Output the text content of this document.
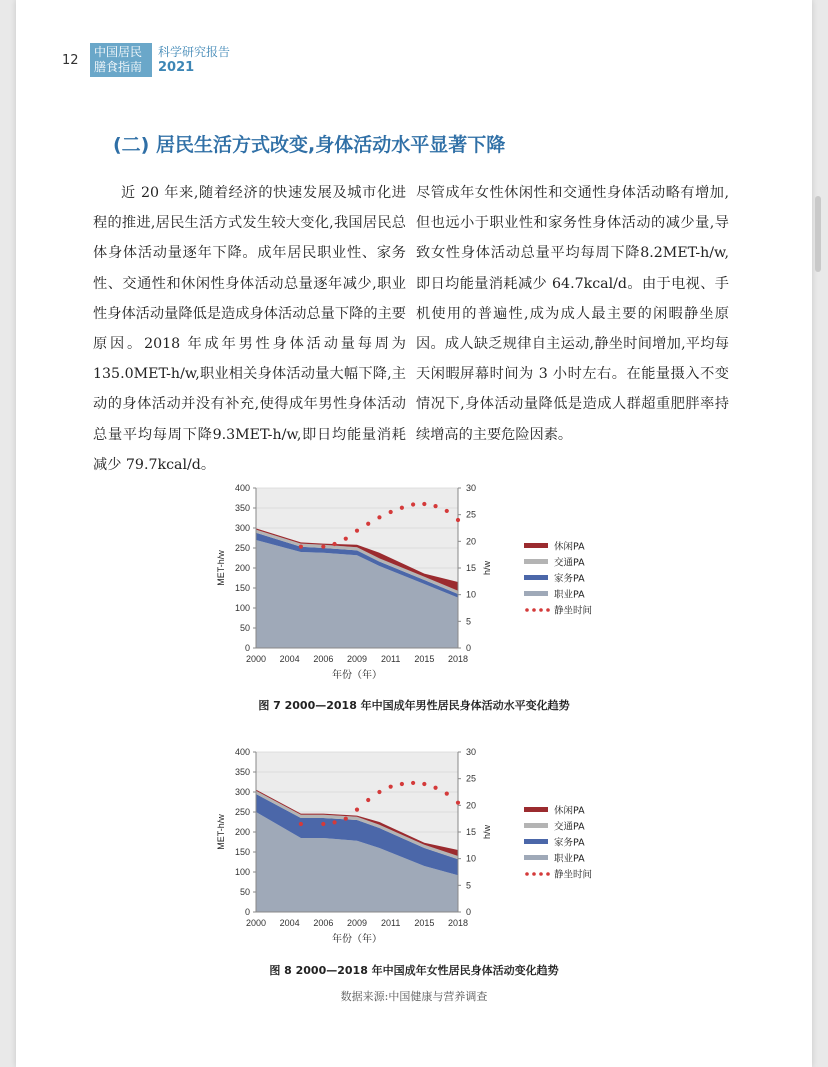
12
中国居民
膳食指南
科学研究报告
2021
(二) 居民生活方式改变,身体活动水平显著下降
近 20 年来,随着经济的快速发展及城市化进程的推进,居民生活方式发生较大变化,我国居民总体身体活动量逐年下降。成年居民职业性、家务性、交通性和休闲性身体活动总量逐年减少,职业性身体活动量降低是造成身体活动总量下降的主要原因。2018 年成年男性身体活动量每周为 135.0MET-h/w,职业相关身体活动量大幅下降,主动的身体活动并没有补充,使得成年男性身体活动总量平均每周下降9.3MET-h/w,即日均能量消耗减少 79.7kcal/d。
尽管成年女性休闲性和交通性身体活动略有增加,但也远小于职业性和家务性身体活动的减少量,导致女性身体活动总量平均每周下降8.2MET-h/w,即日均能量消耗减少 64.7kcal/d。由于电视、手机使用的普遍性,成为成人最主要的闲暇静坐原因。成人缺乏规律自主运动,静坐时间增加,平均每天闲暇屏幕时间为 3 小时左右。在能量摄入不变情况下,身体活动量降低是造成人群超重肥胖率持续增高的主要危险因素。
0
50
100
150
200
250
300
350
400
0
5
10
15
20
25
30
2000 2004 2006 2009 2011 2015 2018
年份（年）
MET-h/w	h/w
休闲PA
交通PA
家务PA
职业PA
静坐时间
图 7 2000—2018 年中国成年男性居民身体活动水平变化趋势
0
50
100
150
200
250
300
350
400
0
5
10
15
20
25
30
2000 2004 2006 2009 2011 2015 2018
年份（年）
MET-h/w	h/w
休闲PA
交通PA
家务PA
职业PA
静坐时间
图 8 2000—2018 年中国成年女性居民身体活动变化趋势
数据来源:中国健康与营养调查
